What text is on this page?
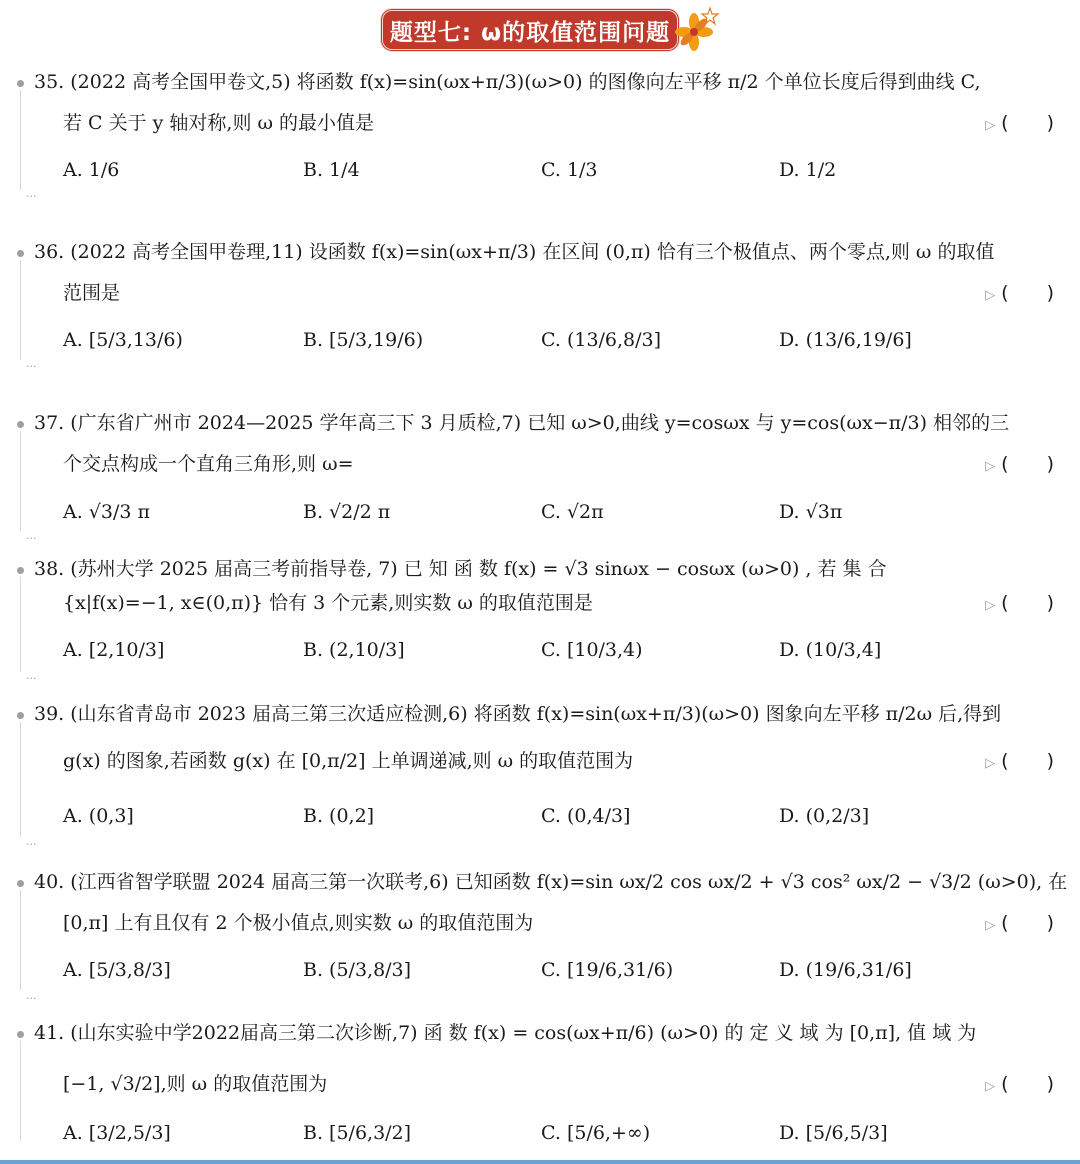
题型七: ω的取值范围问题
35. (2022 高考全国甲卷文,5) 将函数 f(x)=sin(ωx+π/3)(ω>0) 的图像向左平移 π/2 个单位长度后得到曲线 C,
若 C 关于 y 轴对称,则 ω 的最小值是	▷ (　　)
A. 1/6	B. 1/4	C. 1/3	D. 1/2
···
36. (2022 高考全国甲卷理,11) 设函数 f(x)=sin(ωx+π/3) 在区间 (0,π) 恰有三个极值点、两个零点,则 ω 的取值
范围是	▷ (　　)
A. [5/3,13/6)	B. [5/3,19/6)	C. (13/6,8/3]	D. (13/6,19/6]
···
37. (广东省广州市 2024—2025 学年高三下 3 月质检,7) 已知 ω>0,曲线 y=cosωx 与 y=cos(ωx−π/3) 相邻的三
个交点构成一个直角三角形,则 ω=	▷ (　　)
A. √3/3 π	B. √2/2 π	C. √2π	D. √3π
···
38. (苏州大学 2025 届高三考前指导卷, 7) 已 知 函 数 f(x) = √3 sinωx − cosωx (ω>0) , 若 集 合
{x|f(x)=−1, x∈(0,π)} 恰有 3 个元素,则实数 ω 的取值范围是	▷ (　　)
A. [2,10/3]	B. (2,10/3]	C. [10/3,4)	D. (10/3,4]
···
39. (山东省青岛市 2023 届高三第三次适应检测,6) 将函数 f(x)=sin(ωx+π/3)(ω>0) 图象向左平移 π/2ω 后,得到
g(x) 的图象,若函数 g(x) 在 [0,π/2] 上单调递减,则 ω 的取值范围为	▷ (　　)
A. (0,3]	B. (0,2]	C. (0,4/3]	D. (0,2/3]
···
40. (江西省智学联盟 2024 届高三第一次联考,6) 已知函数 f(x)=sin ωx/2 cos ωx/2 + √3 cos² ωx/2 − √3/2 (ω>0), 在
[0,π] 上有且仅有 2 个极小值点,则实数 ω 的取值范围为	▷ (　　)
A. [5/3,8/3]	B. (5/3,8/3]	C. [19/6,31/6)	D. (19/6,31/6]
···
41. (山东实验中学2022届高三第二次诊断,7) 函 数 f(x) = cos(ωx+π/6) (ω>0) 的 定 义 域 为 [0,π], 值 域 为
[−1, √3/2],则 ω 的取值范围为	▷ (　　)
A. [3/2,5/3]	B. [5/6,3/2]	C. [5/6,+∞)	D. [5/6,5/3]
